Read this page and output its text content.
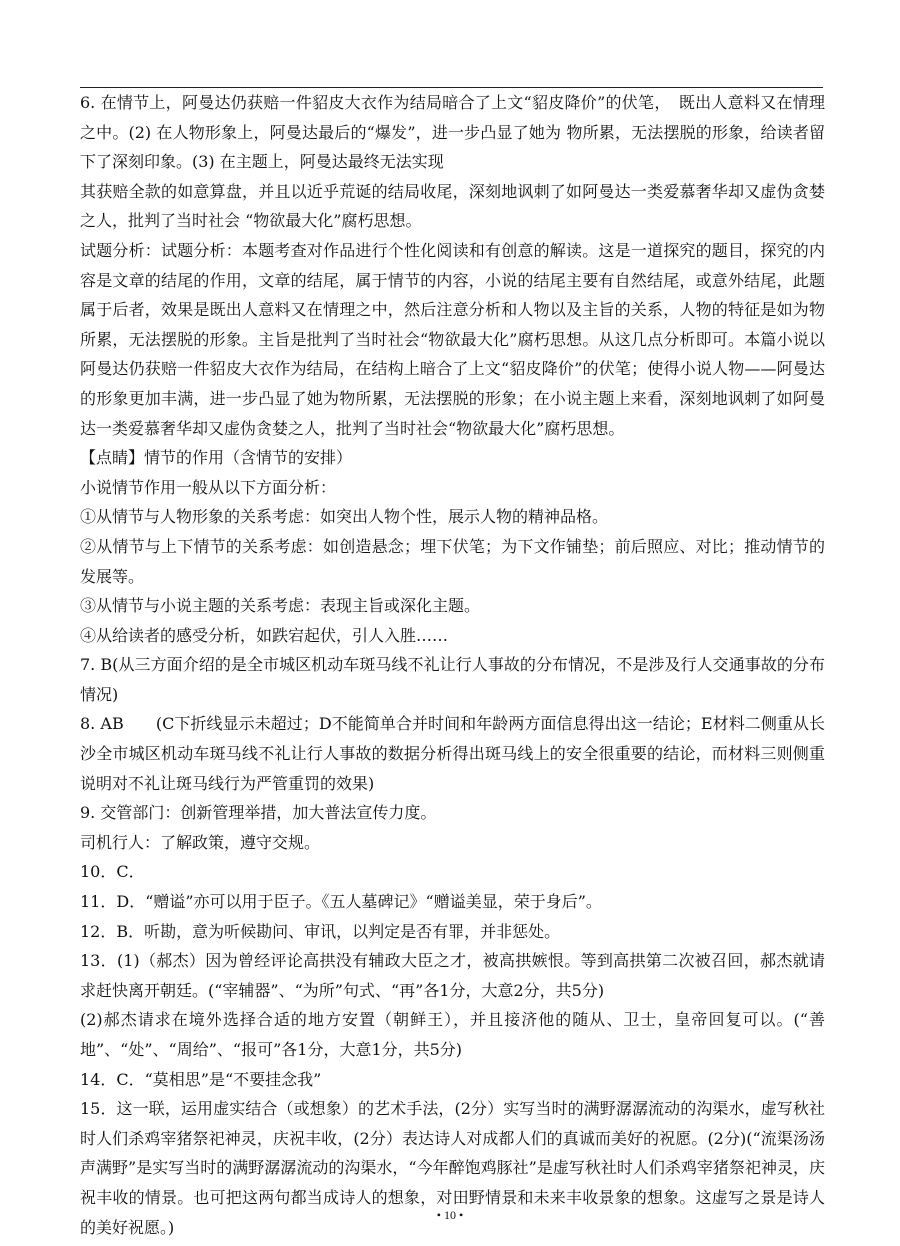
6. 在情节上，阿曼达仍获赔一件貂皮大衣作为结局暗合了上文“貂皮降价”的伏笔，　既出人意料又在情理之中。(2) 在人物形象上，阿曼达最后的“爆发”，进一步凸显了她为 物所累，无法摆脱的形象，给读者留下了深刻印象。(3) 在主题上，阿曼达最终无法实现

其获赔全款的如意算盘，并且以近乎荒诞的结局收尾，深刻地讽刺了如阿曼达一类爱慕奢华却又虚伪贪婪之人，批判了当时社会 “物欲最大化”腐朽思想。

试题分析：试题分析：本题考查对作品进行个性化阅读和有创意的解读。这是一道探究的题目，探究的内容是文章的结尾的作用，文章的结尾，属于情节的内容，小说的结尾主要有自然结尾，或意外结尾，此题属于后者，效果是既出人意料又在情理之中，然后注意分析和人物以及主旨的关系，人物的特征是如为物所累，无法摆脱的形象。主旨是批判了当时社会“物欲最大化”腐朽思想。从这几点分析即可。本篇小说以阿曼达仍获赔一件貂皮大衣作为结局，在结构上暗合了上文“貂皮降价”的伏笔；使得小说人物——阿曼达的形象更加丰满，进一步凸显了她为物所累，无法摆脱的形象；在小说主题上来看，深刻地讽刺了如阿曼达一类爱慕奢华却又虚伪贪婪之人，批判了当时社会“物欲最大化”腐朽思想。

【点睛】情节的作用（含情节的安排）

小说情节作用一般从以下方面分析：

①从情节与人物形象的关系考虑：如突出人物个性，展示人物的精神品格。

②从情节与上下情节的关系考虑：如创造悬念；埋下伏笔；为下文作铺垫；前后照应、对比；推动情节的发展等。

③从情节与小说主题的关系考虑：表现主旨或深化主题。

④从给读者的感受分析，如跌宕起伏，引人入胜……

7. B(从三方面介绍的是全市城区机动车斑马线不礼让行人事故的分布情况，不是涉及行人交通事故的分布情况)

8. AB　　(C下折线显示未超过；D不能简单合并时间和年龄两方面信息得出这一结论；E材料二侧重从长沙全市城区机动车斑马线不礼让行人事故的数据分析得出斑马线上的安全很重要的结论，而材料三则侧重说明对不礼让斑马线行为严管重罚的效果)

9. 交管部门：创新管理举措，加大普法宣传力度。

司机行人：了解政策，遵守交规。

10．C．

11．D．“赠谥”亦可以用于臣子。《五人墓碑记》“赠谥美显，荣于身后”。

12．B．听勘，意为听候勘问、审讯，以判定是否有罪，并非惩处。

13．(1)（郝杰）因为曾经评论高拱没有辅政大臣之才，被高拱嫉恨。等到高拱第二次被召回，郝杰就请求赶快离开朝廷。(“宰辅器”、“为所”句式、“再”各1分，大意2分，共5分)

(2)郝杰请求在境外选择合适的地方安置（朝鲜王），并且接济他的随从、卫士，皇帝回复可以。(“善地”、“处”、“周给”、“报可”各1分，大意1分，共5分)

14．C．“莫相思”是“不要挂念我”

15．这一联，运用虚实结合（或想象）的艺术手法，(2分）实写当时的满野潺潺流动的沟渠水，虚写秋社时人们杀鸡宰猪祭祀神灵，庆祝丰收，(2分）表达诗人对成都人们的真诚而美好的祝愿。(2分)(“流渠汤汤声满野”是实写当时的满野潺潺流动的沟渠水，“今年醉饱鸡豚社”是虚写秋社时人们杀鸡宰猪祭祀神灵，庆祝丰收的情景。也可把这两句都当成诗人的想象，对田野情景和未来丰收景象的想象。这虚写之景是诗人的美好祝愿。)

• 10 •
